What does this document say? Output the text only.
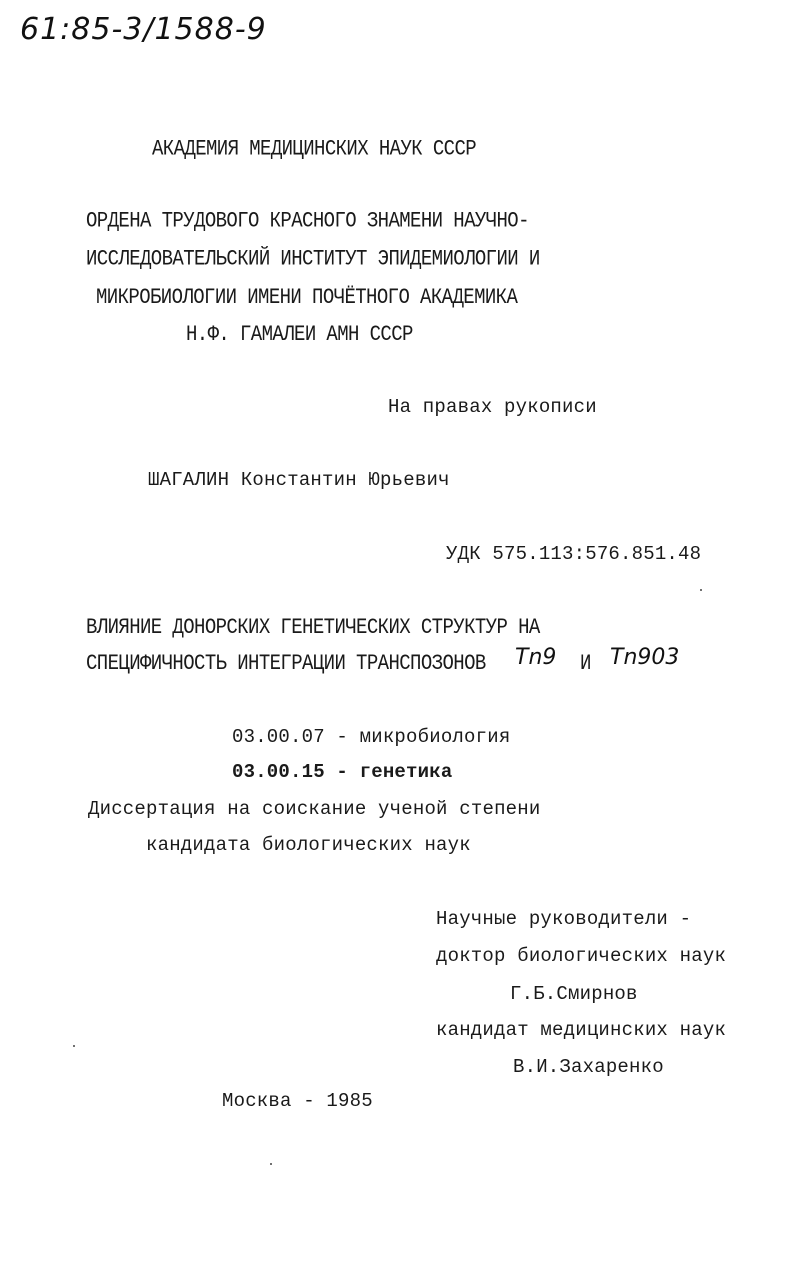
61:85-3/1588-9
АКАДЕМИЯ МЕДИЦИНСКИХ НАУК СССР
ОРДЕНА ТРУДОВОГО КРАСНОГО ЗНАМЕНИ НАУЧНО-
ИССЛЕДОВАТЕЛЬСКИЙ ИНСТИТУТ ЭПИДЕМИОЛОГИИ И
МИКРОБИОЛОГИИ ИМЕНИ ПОЧЁТНОГО АКАДЕМИКА
Н.Ф. ГАМАЛЕИ АМН СССР
На правах рукописи
ШАГАЛИН Константин Юрьевич
УДК 575.113:576.851.48
ВЛИЯНИЕ ДОНОРСКИХ ГЕНЕТИЧЕСКИХ СТРУКТУР НА
СПЕЦИФИЧНОСТЬ ИНТЕГРАЦИИ ТРАНСПОЗОНОВ Tn9 И Tn903
03.00.07 - микробиология
03.00.15 - генетика
Диссертация на соискание ученой степени
кандидата биологических наук
Научные руководители -
доктор биологических наук
Г.Б.Смирнов
кандидат медицинских наук
В.И.Захаренко
Москва - 1985
